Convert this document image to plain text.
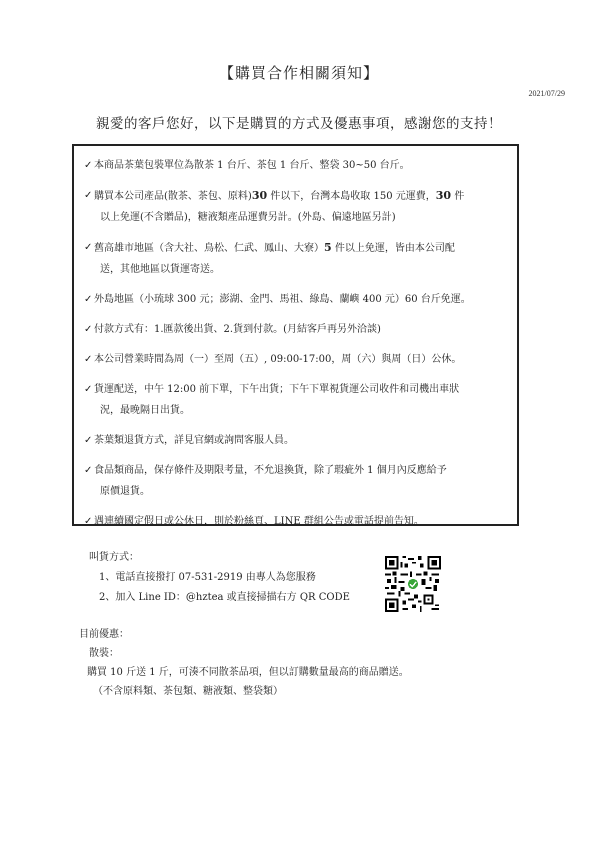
【購買合作相關須知】
2021/07/29
親愛的客戶您好，以下是購買的方式及優惠事項，感謝您的支持！
✓ 本商品茶葉包裝單位為散茶 1 台斤、茶包 1 台斤、整袋 30~50 台斤。
✓ 購買本公司產品(散茶、茶包、原料)30 件以下，台灣本島收取 150 元運費，30 件
以上免運(不含贈品)，糖液類產品運費另計。(外島、偏遠地區另計)
✓ 舊高雄市地區（含大社、鳥松、仁武、鳳山、大寮）5 件以上免運，皆由本公司配
送，其他地區以貨運寄送。
✓ 外島地區（小琉球 300 元；澎湖、金門、馬祖、綠島、蘭嶼 400 元）60 台斤免運。
✓ 付款方式有：1.匯款後出貨、2.貨到付款。(月結客戶再另外洽談)
✓ 本公司營業時間為周（一）至周（五）, 09:00-17:00，周（六）與周（日）公休。
✓ 貨運配送，中午 12:00 前下單，下午出貨；下午下單視貨運公司收件和司機出車狀
況，最晚隔日出貨。
✓ 茶葉類退貨方式，詳見官網或詢問客服人員。
✓ 食品類商品，保存條件及期限考量，不允退換貨，除了瑕疵外 1 個月內反應給予
原價退貨。
✓ 遇連續國定假日或公休日，則於粉絲頁、LINE 群組公告或電話提前告知。
叫貨方式：
1、電話直接撥打 07-531-2919 由專人為您服務
2、加入 Line ID：@hztea 或直接掃描右方 QR CODE
目前優惠：
散裝：
購買 10 斤送 1 斤，可湊不同散茶品項，但以訂購數量最高的商品贈送。
（不含原料類、茶包類、糖液類、整袋類）
